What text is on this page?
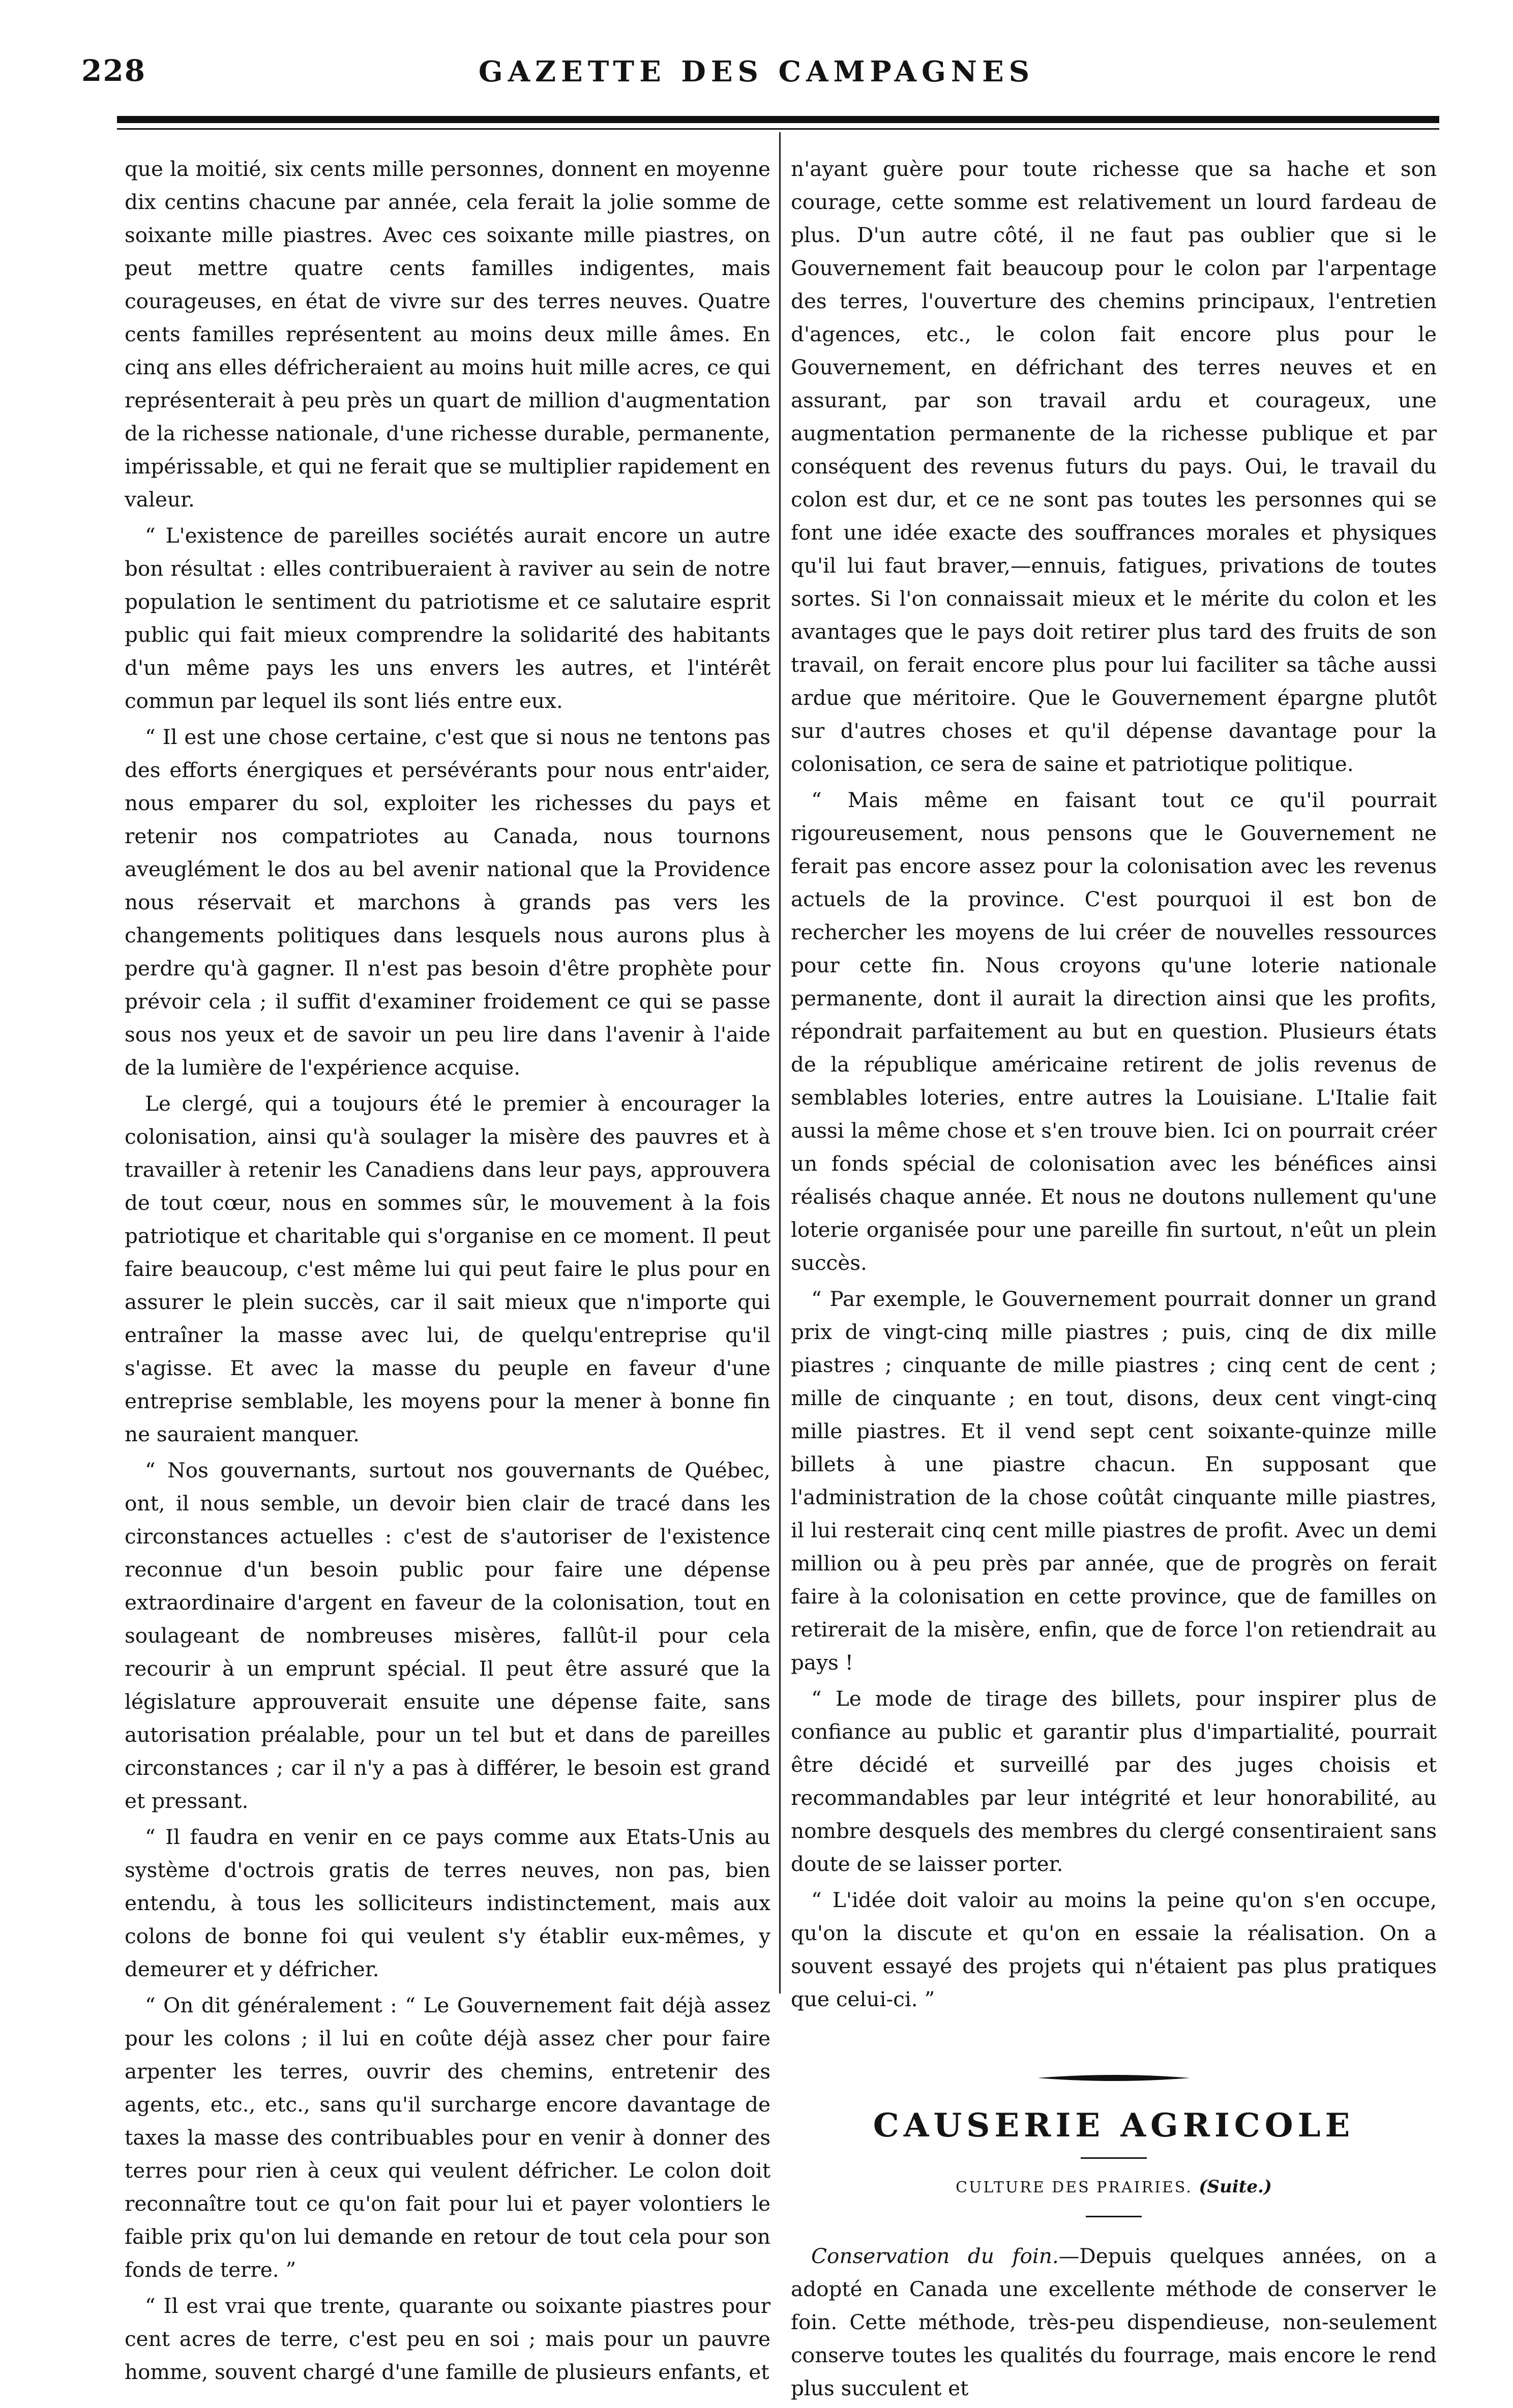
228	GAZETTE DES CAMPAGNES

que la moitié, six cents mille personnes, donnent en moyenne dix centins chacune par année, cela ferait la jolie somme de soixante mille piastres. Avec ces soixante mille piastres, on peut mettre quatre cents familles indigentes, mais courageuses, en état de vivre sur des terres neuves. Quatre cents familles représentent au moins deux mille âmes. En cinq ans elles défricheraient au moins huit mille acres, ce qui représenterait à peu près un quart de million d'augmentation de la richesse nationale, d'une richesse durable, permanente, impérissable, et qui ne ferait que se multiplier rapidement en valeur.

“ L'existence de pareilles sociétés aurait encore un autre bon résultat : elles contribueraient à raviver au sein de notre population le sentiment du patriotisme et ce salutaire esprit public qui fait mieux comprendre la solidarité des habitants d'un même pays les uns envers les autres, et l'intérêt commun par lequel ils sont liés entre eux.

“ Il est une chose certaine, c'est que si nous ne tentons pas des efforts énergiques et persévérants pour nous entr'aider, nous emparer du sol, exploiter les richesses du pays et retenir nos compatriotes au Canada, nous tournons aveuglément le dos au bel avenir national que la Providence nous réservait et marchons à grands pas vers les changements politiques dans lesquels nous aurons plus à perdre qu'à gagner. Il n'est pas besoin d'être prophète pour prévoir cela ; il suffit d'examiner froidement ce qui se passe sous nos yeux et de savoir un peu lire dans l'avenir à l'aide de la lumière de l'expérience acquise.

Le clergé, qui a toujours été le premier à encourager la colonisation, ainsi qu'à soulager la misère des pauvres et à travailler à retenir les Canadiens dans leur pays, approuvera de tout cœur, nous en sommes sûr, le mouvement à la fois patriotique et charitable qui s'organise en ce moment. Il peut faire beaucoup, c'est même lui qui peut faire le plus pour en assurer le plein succès, car il sait mieux que n'importe qui entraîner la masse avec lui, de quelqu'entreprise qu'il s'agisse. Et avec la masse du peuple en faveur d'une entreprise semblable, les moyens pour la mener à bonne fin ne sauraient manquer.

“ Nos gouvernants, surtout nos gouvernants de Québec, ont, il nous semble, un devoir bien clair de tracé dans les circonstances actuelles : c'est de s'autoriser de l'existence reconnue d'un besoin public pour faire une dépense extraordinaire d'argent en faveur de la colonisation, tout en soulageant de nombreuses misères, fallût-il pour cela recourir à un emprunt spécial. Il peut être assuré que la législature approuverait ensuite une dépense faite, sans autorisation préalable, pour un tel but et dans de pareilles circonstances ; car il n'y a pas à différer, le besoin est grand et pressant.

“ Il faudra en venir en ce pays comme aux Etats-Unis au système d'octrois gratis de terres neuves, non pas, bien entendu, à tous les solliciteurs indistinctement, mais aux colons de bonne foi qui veulent s'y établir eux-mêmes, y demeurer et y défricher.

“ On dit généralement : “ Le Gouvernement fait déjà assez pour les colons ; il lui en coûte déjà assez cher pour faire arpenter les terres, ouvrir des chemins, entretenir des agents, etc., etc., sans qu'il surcharge encore davantage de taxes la masse des contribuables pour en venir à donner des terres pour rien à ceux qui veulent défricher. Le colon doit reconnaître tout ce qu'on fait pour lui et payer volontiers le faible prix qu'on lui demande en retour de tout cela pour son fonds de terre. ”

“ Il est vrai que trente, quarante ou soixante piastres pour cent acres de terre, c'est peu en soi ; mais pour un pauvre homme, souvent chargé d'une famille de plusieurs enfants, et

n'ayant guère pour toute richesse que sa hache et son courage, cette somme est relativement un lourd fardeau de plus. D'un autre côté, il ne faut pas oublier que si le Gouvernement fait beaucoup pour le colon par l'arpentage des terres, l'ouverture des chemins principaux, l'entretien d'agences, etc., le colon fait encore plus pour le Gouvernement, en défrichant des terres neuves et en assurant, par son travail ardu et courageux, une augmentation permanente de la richesse publique et par conséquent des revenus futurs du pays. Oui, le travail du colon est dur, et ce ne sont pas toutes les personnes qui se font une idée exacte des souffrances morales et physiques qu'il lui faut braver,—ennuis, fatigues, privations de toutes sortes. Si l'on connaissait mieux et le mérite du colon et les avantages que le pays doit retirer plus tard des fruits de son travail, on ferait encore plus pour lui faciliter sa tâche aussi ardue que méritoire. Que le Gouvernement épargne plutôt sur d'autres choses et qu'il dépense davantage pour la colonisation, ce sera de saine et patriotique politique.

“ Mais même en faisant tout ce qu'il pourrait rigoureusement, nous pensons que le Gouvernement ne ferait pas encore assez pour la colonisation avec les revenus actuels de la province. C'est pourquoi il est bon de rechercher les moyens de lui créer de nouvelles ressources pour cette fin. Nous croyons qu'une loterie nationale permanente, dont il aurait la direction ainsi que les profits, répondrait parfaitement au but en question. Plusieurs états de la république américaine retirent de jolis revenus de semblables loteries, entre autres la Louisiane. L'Italie fait aussi la même chose et s'en trouve bien. Ici on pourrait créer un fonds spécial de colonisation avec les bénéfices ainsi réalisés chaque année. Et nous ne doutons nullement qu'une loterie organisée pour une pareille fin surtout, n'eût un plein succès.

“ Par exemple, le Gouvernement pourrait donner un grand prix de vingt-cinq mille piastres ; puis, cinq de dix mille piastres ; cinquante de mille piastres ; cinq cent de cent ; mille de cinquante ; en tout, disons, deux cent vingt-cinq mille piastres. Et il vend sept cent soixante-quinze mille billets à une piastre chacun. En supposant que l'administration de la chose coûtât cinquante mille piastres, il lui resterait cinq cent mille piastres de profit. Avec un demi million ou à peu près par année, que de progrès on ferait faire à la colonisation en cette province, que de familles on retirerait de la misère, enfin, que de force l'on retiendrait au pays !

“ Le mode de tirage des billets, pour inspirer plus de confiance au public et garantir plus d'impartialité, pourrait être décidé et surveillé par des juges choisis et recommandables par leur intégrité et leur honorabilité, au nombre desquels des membres du clergé consentiraient sans doute de se laisser porter.

“ L'idée doit valoir au moins la peine qu'on s'en occupe, qu'on la discute et qu'on en essaie la réalisation. On a souvent essayé des projets qui n'étaient pas plus pratiques que celui-ci. ”

CAUSERIE AGRICOLE
CULTURE DES PRAIRIES. (Suite.)

Conservation du foin.—Depuis quelques années, on a adopté en Canada une excellente méthode de conserver le foin. Cette méthode, très-peu dispendieuse, non-seulement conserve toutes les qualités du fourrage, mais encore le rend plus succulent et
